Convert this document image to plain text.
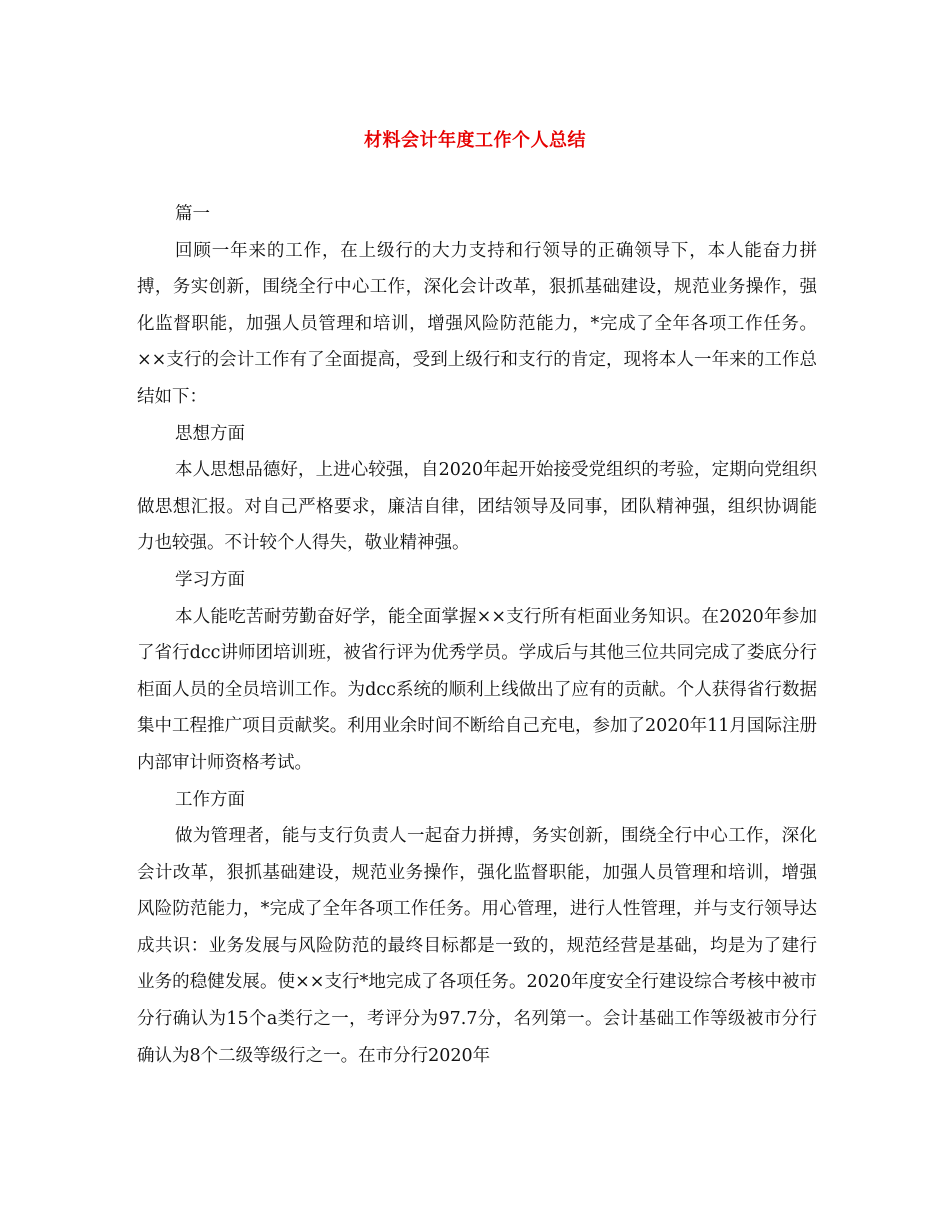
材料会计年度工作个人总结

篇一

回顾一年来的工作，在上级行的大力支持和行领导的正确领导下，本人能奋力拼搏，务实创新，围绕全行中心工作，深化会计改革，狠抓基础建设，规范业务操作，强化监督职能，加强人员管理和培训，增强风险防范能力，*完成了全年各项工作任务。××支行的会计工作有了全面提高，受到上级行和支行的肯定，现将本人一年来的工作总结如下：

思想方面

本人思想品德好，上进心较强，自2020年起开始接受党组织的考验，定期向党组织做思想汇报。对自己严格要求，廉洁自律，团结领导及同事，团队精神强，组织协调能力也较强。不计较个人得失，敬业精神强。

学习方面

本人能吃苦耐劳勤奋好学，能全面掌握××支行所有柜面业务知识。在2020年参加了省行dcc讲师团培训班，被省行评为优秀学员。学成后与其他三位共同完成了娄底分行柜面人员的全员培训工作。为dcc系统的顺利上线做出了应有的贡献。个人获得省行数据集中工程推广项目贡献奖。利用业余时间不断给自己充电，参加了2020年11月国际注册内部审计师资格考试。

工作方面

做为管理者，能与支行负责人一起奋力拼搏，务实创新，围绕全行中心工作，深化会计改革，狠抓基础建设，规范业务操作，强化监督职能，加强人员管理和培训，增强风险防范能力，*完成了全年各项工作任务。用心管理，进行人性管理，并与支行领导达成共识：业务发展与风险防范的最终目标都是一致的，规范经营是基础，均是为了建行业务的稳健发展。使××支行*地完成了各项任务。2020年度安全行建设综合考核中被市分行确认为15个a类行之一，考评分为97.7分，名列第一。会计基础工作等级被市分行确认为8个二级等级行之一。在市分行2020年
